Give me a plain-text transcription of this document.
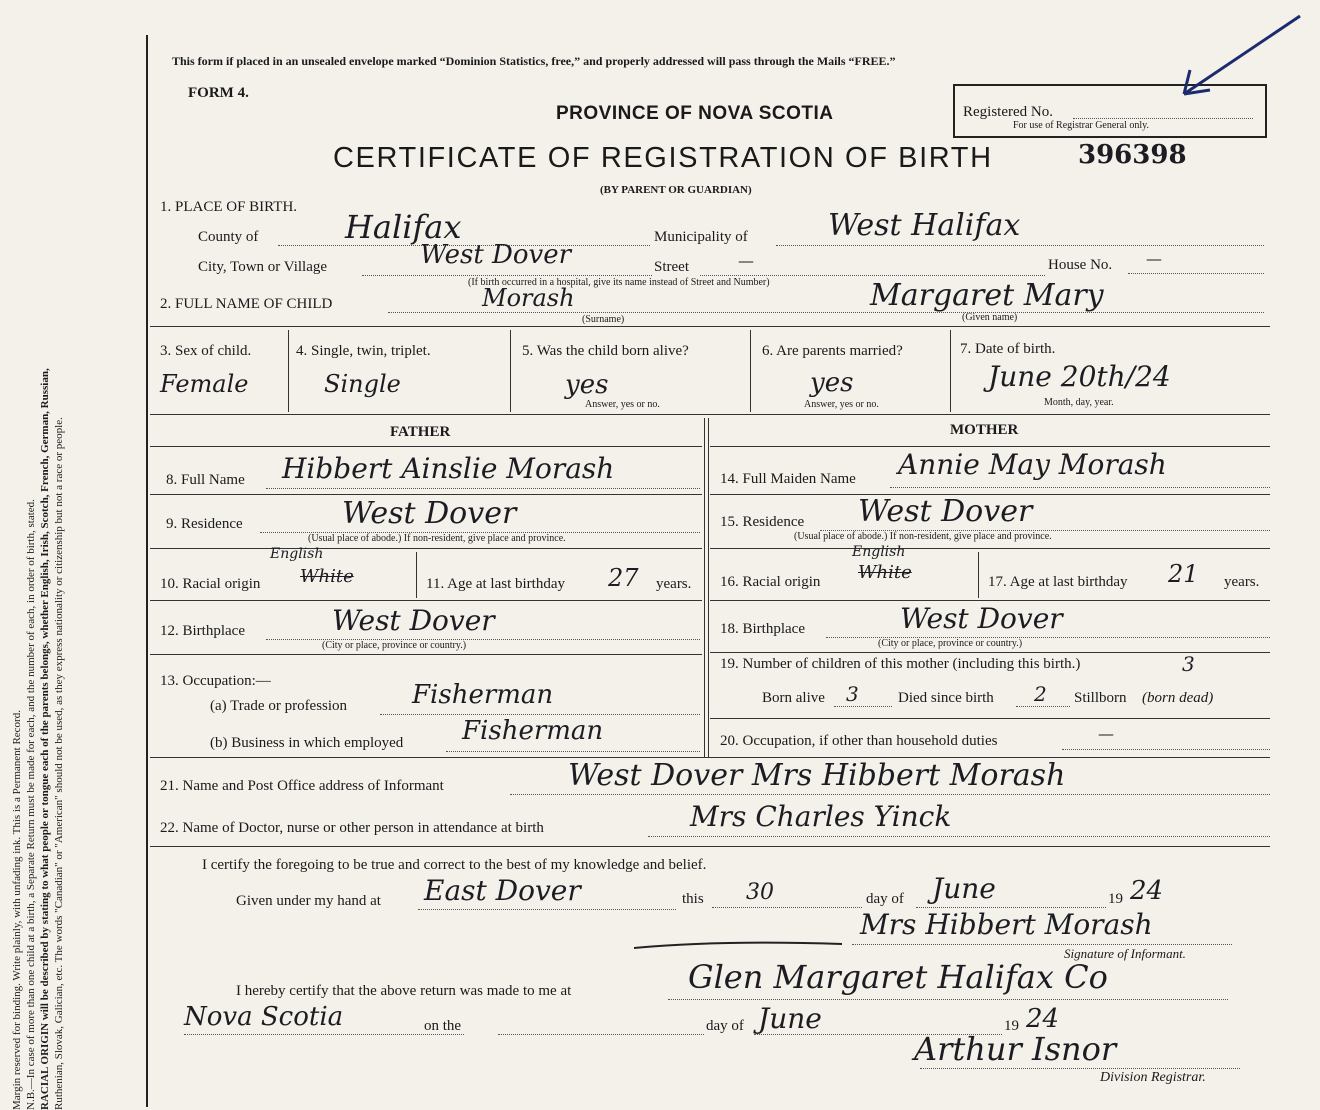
Margin reserved for binding. Write plainly, with unfading ink. This is a Permanent Record. N.B.—In case of more than one child at a birth, a Separate Return must be made for each, and the number of each, in order of birth, stated. RACIAL ORIGIN will be described by stating to what people or tongue each of the parents belongs, whether English, Irish, Scotch, French, German, Russian, Ruthenian, Slovak, Galician, etc. The words "Canadian" or "American" should not be used, as they express nationality or citizenship but not a race or people.
This form if placed in an unsealed envelope marked “Dominion Statistics, free,” and properly addressed will pass through the Mails “FREE.”
FORM 4.
PROVINCE OF NOVA SCOTIA	Registered No.
For use of Registrar General only.
CERTIFICATE OF REGISTRATION OF BIRTH	396398
(BY PARENT OR GUARDIAN)
1. PLACE OF BIRTH.
County of	Halifax	Municipality of	West Halifax
City, Town or Village	West Dover	Street	—	House No. —
(If birth occurred in a hospital, give its name instead of Street and Number)
2. FULL NAME OF CHILD	Morash
(Surname)
Margaret Mary
(Given name)
3. Sex of child.
Female
4. Single, twin, triplet.
Single
5. Was the child born alive?
yes
Answer, yes or no.
6. Are parents married?
yes
Answer, yes or no.
7. Date of birth.
June 20th/24
Month, day, year.
FATHER	MOTHER
8. Full Name Hibbert Ainslie Morash
9. Residence	West Dover
(Usual place of abode.) If non-resident, give place and province.
10. Racial origin White
English
11. Age at last birthday 27 years.
12. Birthplace	West Dover
(City or place, province or country.)
13. Occupation:—
(a) Trade or profession Fisherman
(b) Business in which employed Fisherman
14. Full Maiden Name Annie May Morash
15. Residence West Dover
(Usual place of abode.) If non-resident, give place and province.
16. Racial origin White
English
17. Age at last birthday 21 years.
18. Birthplace	West Dover
(City or place, province or country.)
19. Number of children of this mother (including this birth.)	3
Born alive 3	Died since birth 2 Stillborn (born dead)
20. Occupation, if other than household duties	—
21. Name and Post Office address of Informant	West Dover Mrs Hibbert Morash
22. Name of Doctor, nurse or other person in attendance at birth	Mrs Charles Yinck
I certify the foregoing to be true and correct to the best of my knowledge and belief.
Given under my hand at East Dover	this 30	day of June	19 24
Mrs Hibbert Morash
Signature of Informant.
I hereby certify that the above return was made to me at	Glen Margaret Halifax Co
Nova Scotia	on the	day of June	19 24
Arthur Isnor
Division Registrar.
